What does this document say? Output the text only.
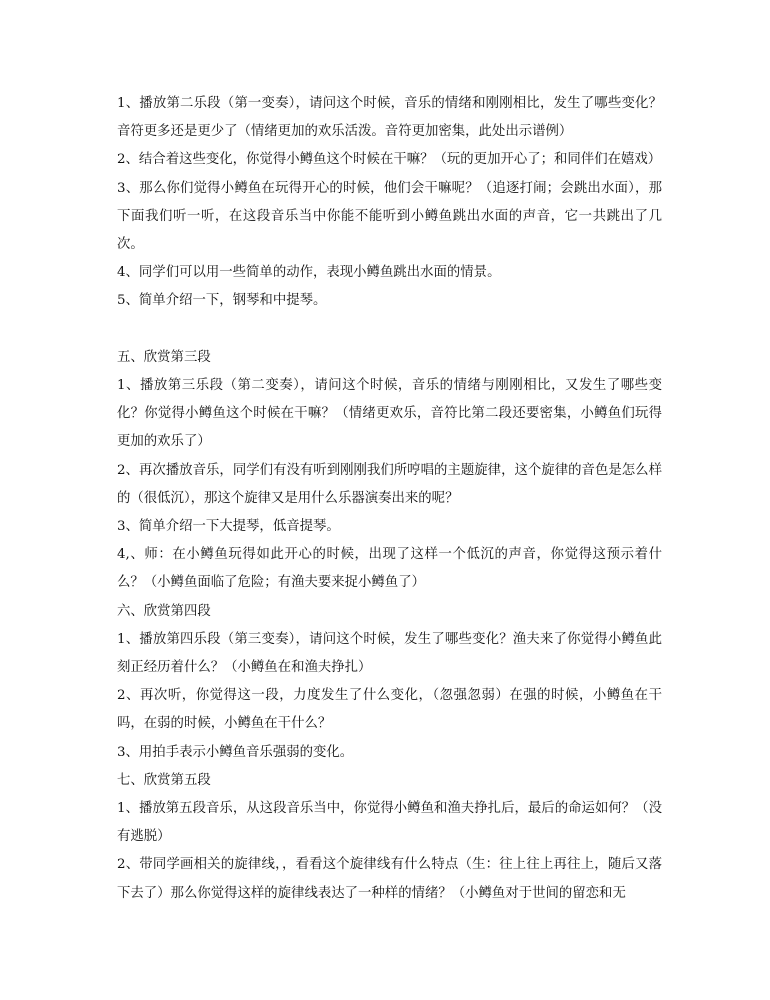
1、播放第二乐段（第一变奏），请问这个时候，音乐的情绪和刚刚相比，发生了哪些变化？音符更多还是更少了（情绪更加的欢乐活泼。音符更加密集，此处出示谱例）

2、结合着这些变化，你觉得小鳟鱼这个时候在干嘛？（玩的更加开心了；和同伴们在嬉戏）

3、那么你们觉得小鳟鱼在玩得开心的时候，他们会干嘛呢？（追逐打闹；会跳出水面），那下面我们听一听，在这段音乐当中你能不能听到小鳟鱼跳出水面的声音，它一共跳出了几次。

4、同学们可以用一些简单的动作，表现小鳟鱼跳出水面的情景。

5、简单介绍一下，钢琴和中提琴。

五、欣赏第三段

1、播放第三乐段（第二变奏），请问这个时候，音乐的情绪与刚刚相比，又发生了哪些变化？你觉得小鳟鱼这个时候在干嘛？（情绪更欢乐，音符比第二段还要密集，小鳟鱼们玩得更加的欢乐了）

2、再次播放音乐，同学们有没有听到刚刚我们所哼唱的主题旋律，这个旋律的音色是怎么样的（很低沉），那这个旋律又是用什么乐器演奏出来的呢？

3、简单介绍一下大提琴，低音提琴。

4,、师：在小鳟鱼玩得如此开心的时候，出现了这样一个低沉的声音，你觉得这预示着什么？（小鳟鱼面临了危险；有渔夫要来捉小鳟鱼了）

六、欣赏第四段

1、播放第四乐段（第三变奏），请问这个时候，发生了哪些变化？渔夫来了你觉得小鳟鱼此刻正经历着什么？（小鳟鱼在和渔夫挣扎）

2、再次听，你觉得这一段，力度发生了什么变化，（忽强忽弱）在强的时候，小鳟鱼在干吗，在弱的时候，小鳟鱼在干什么？

3、用拍手表示小鳟鱼音乐强弱的变化。

七、欣赏第五段

1、播放第五段音乐，从这段音乐当中，你觉得小鳟鱼和渔夫挣扎后，最后的命运如何？（没有逃脱）

2、带同学画相关的旋律线，，看看这个旋律线有什么特点（生：往上往上再往上，随后又落下去了）那么你觉得这样的旋律线表达了一种样的情绪？（小鳟鱼对于世间的留恋和无
